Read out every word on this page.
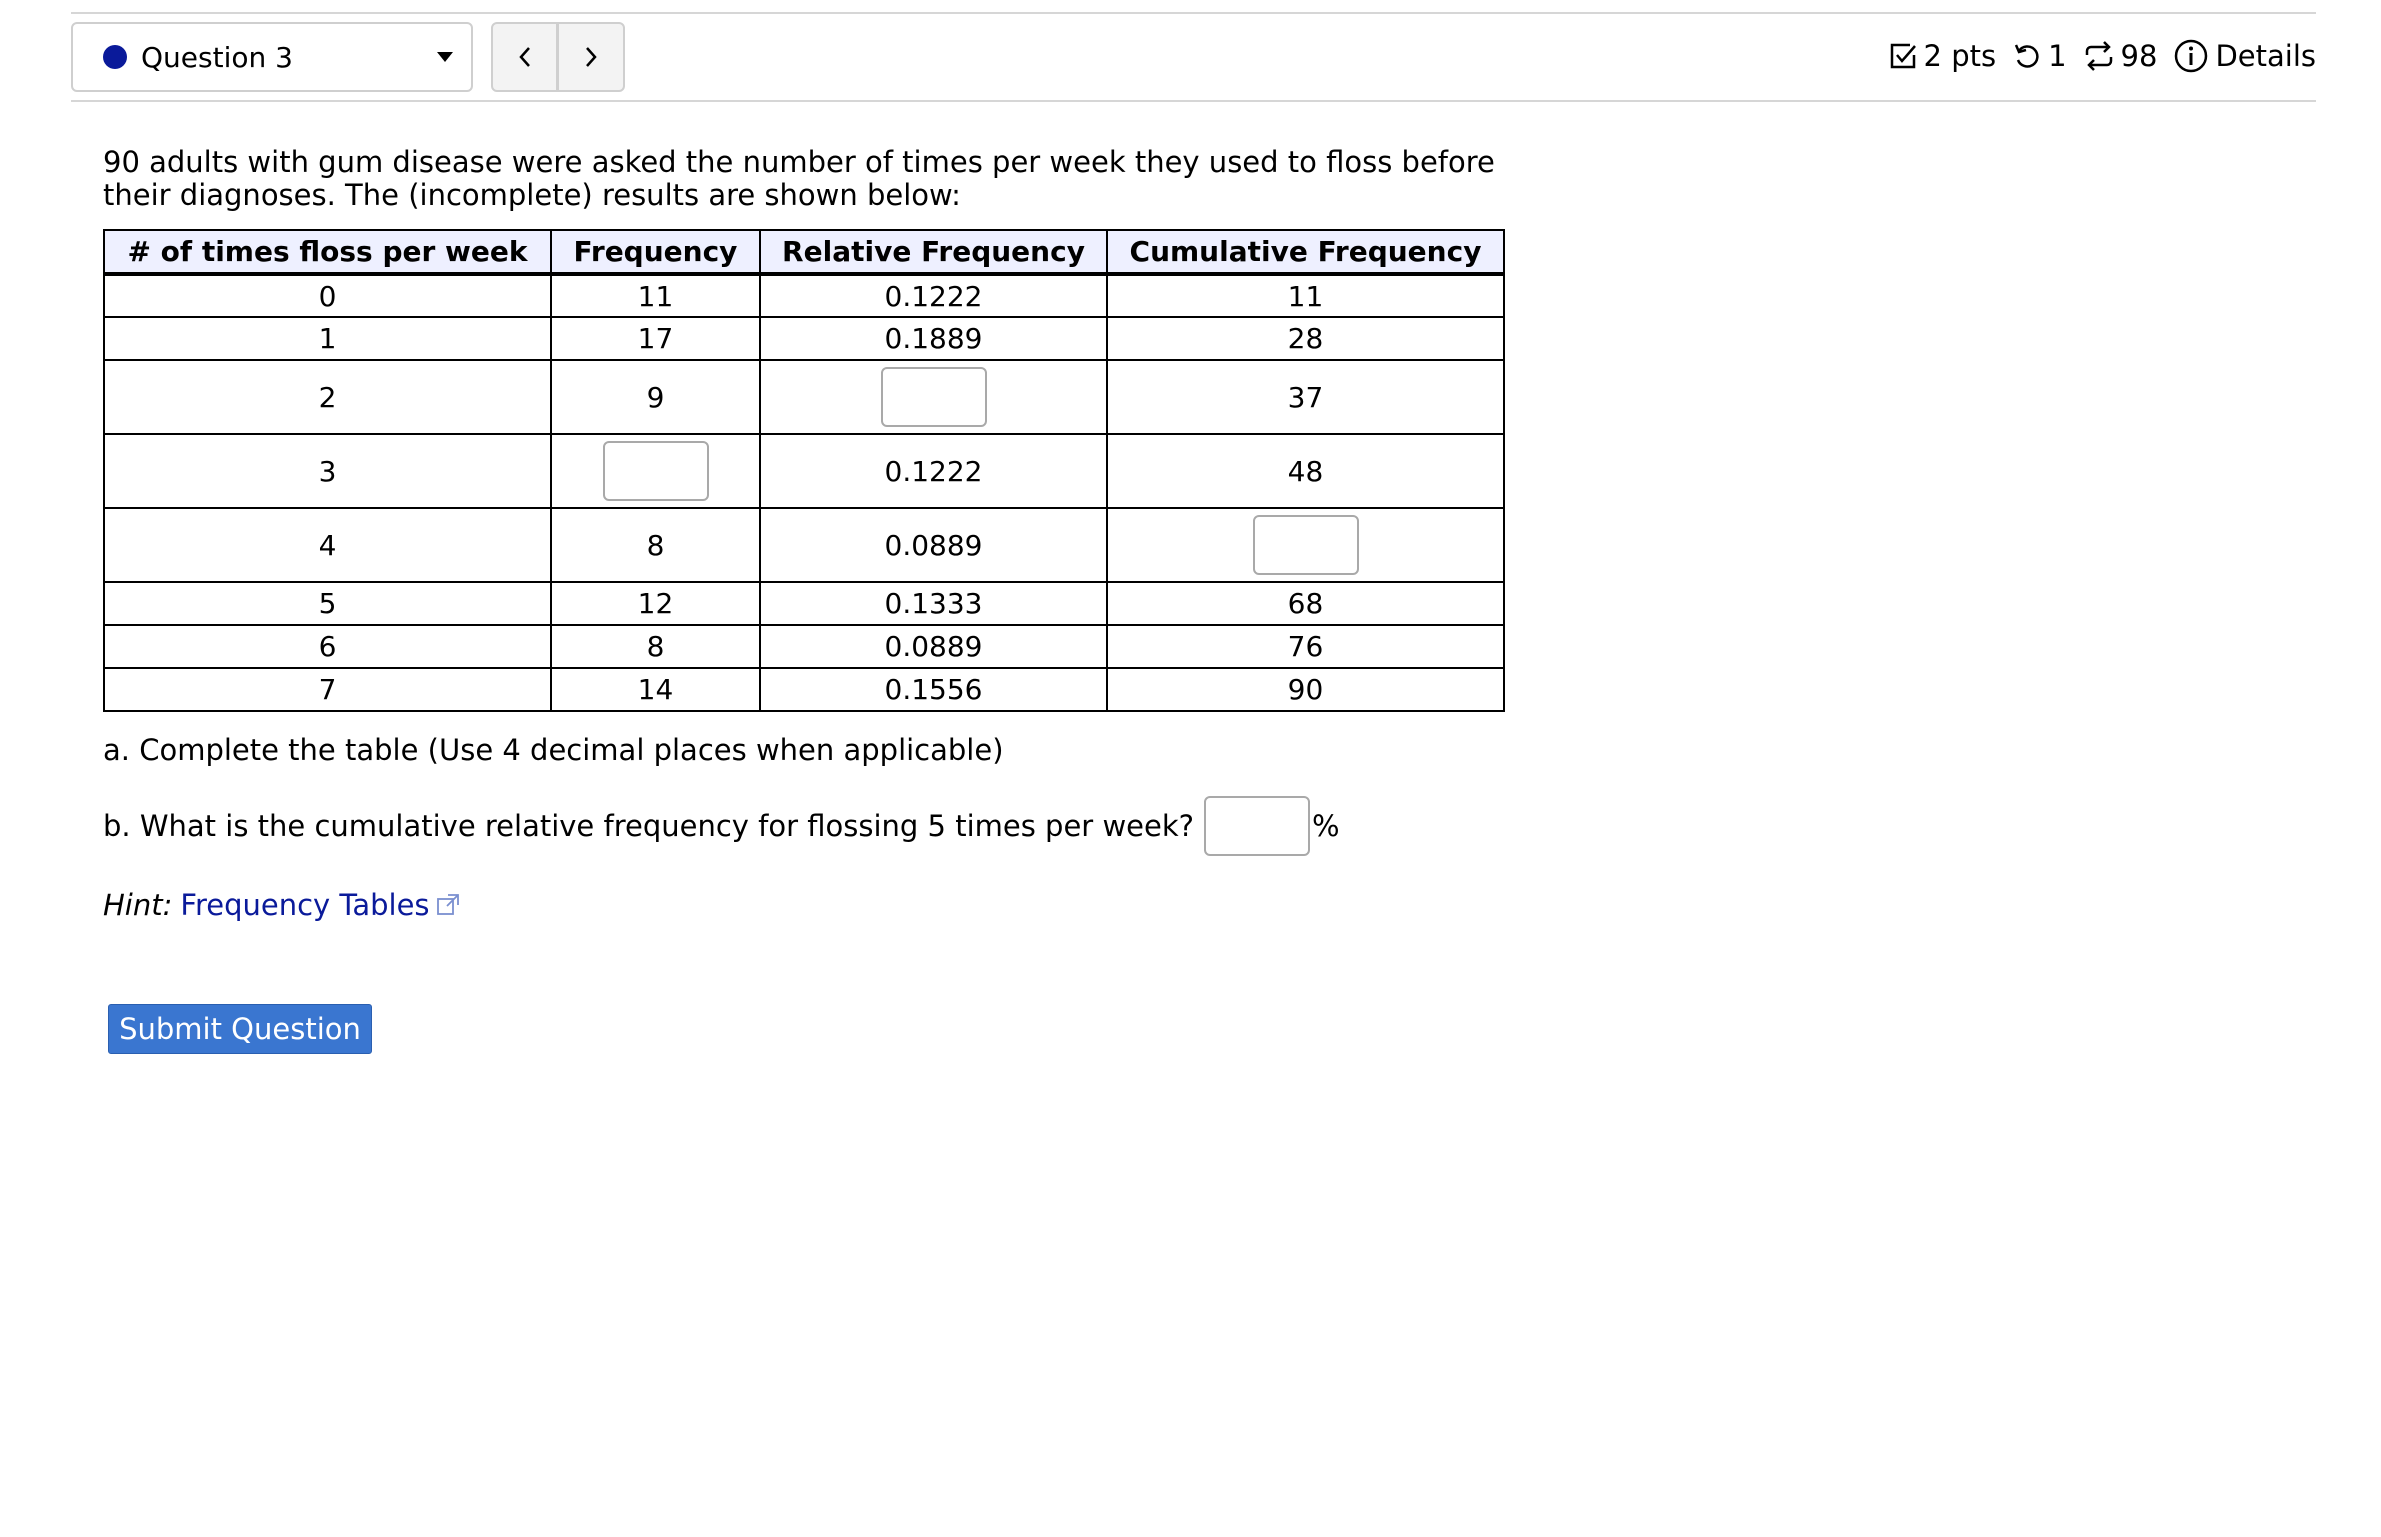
Question 3	2 pts 1 98 Details
90 adults with gum disease were asked the number of times per week they used to floss before their diagnoses. The (incomplete) results are shown below:
# of times floss per week	Frequency	Relative Frequency	Cumulative Frequency
0	11	0.1222	11
1	17	0.1889	28
2	9		37
3		0.1222	48
4	8	0.0889	
5	12	0.1333	68
6	8	0.0889	76
7	14	0.1556	90
a. Complete the table (Use 4 decimal places when applicable)
b. What is the cumulative relative frequency for flossing 5 times per week?	%
Hint: Frequency Tables
Submit Question
